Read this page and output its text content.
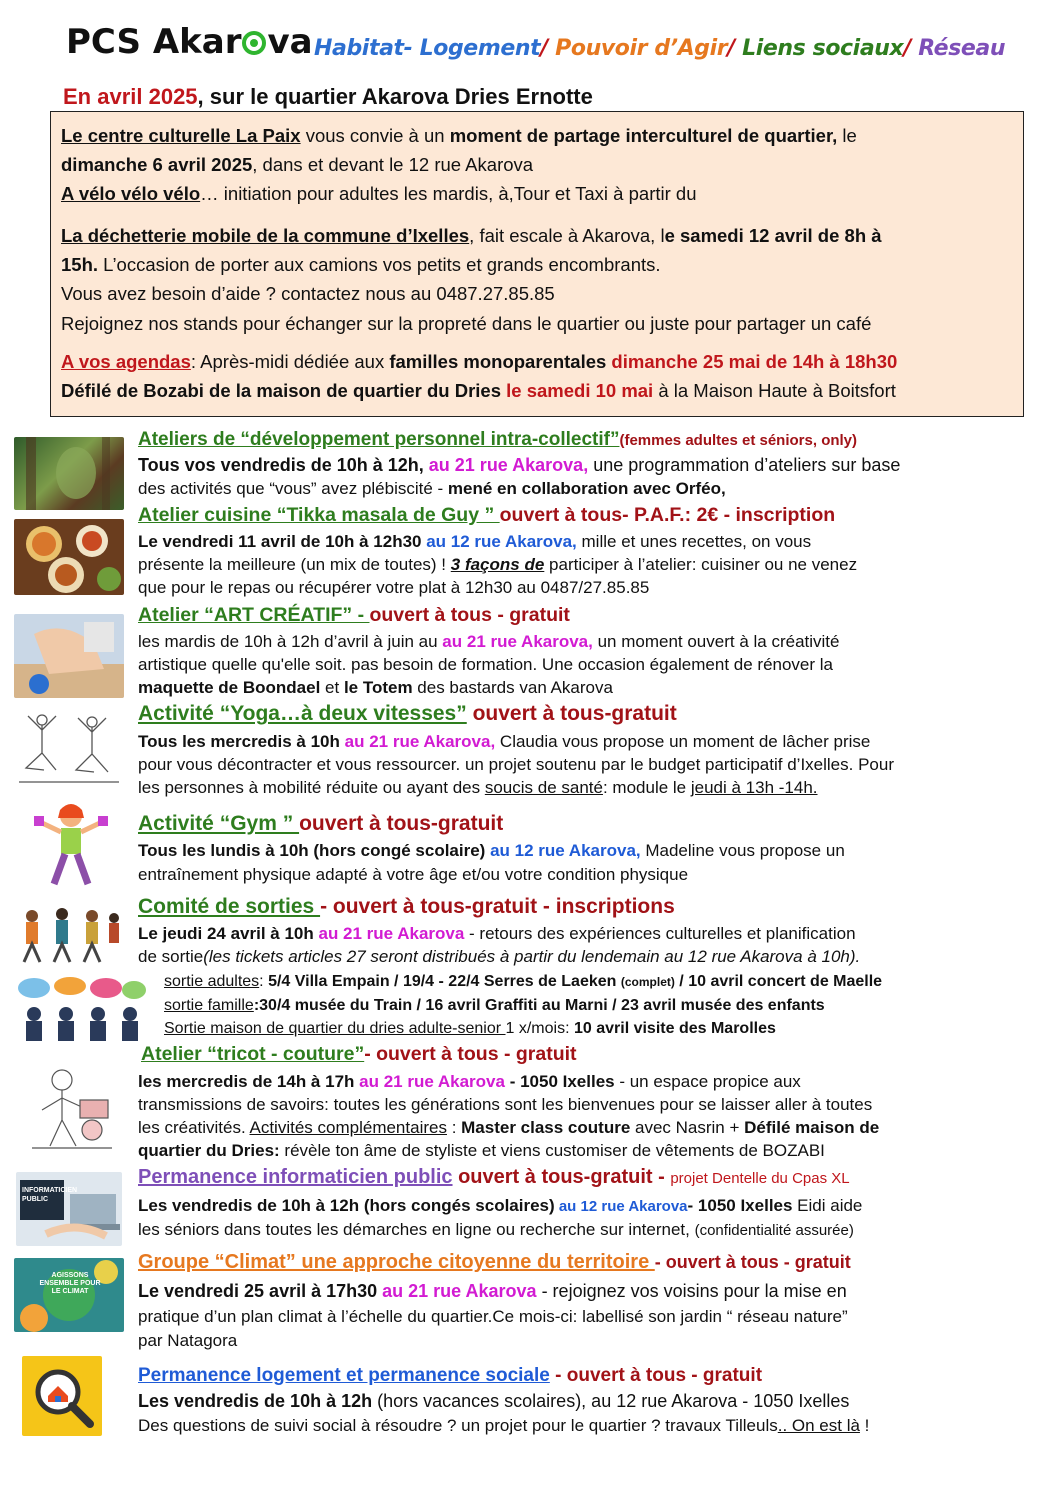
PCS Akar va Habitat- Logement/ Pouvoir d’Agir/ Liens sociaux/ Réseau
En avril 2025, sur le quartier Akarova Dries Ernotte
Le centre culturelle La Paix vous convie à un moment de partage interculturel de quartier, le
dimanche 6 avril 2025, dans et devant le 12 rue Akarova
A vélo vélo vélo… initiation pour adultes les mardis, à,Tour et Taxi à partir du
La déchetterie mobile de la commune d’Ixelles, fait escale à Akarova, le samedi 12 avril de 8h à
15h. L’occasion de porter aux camions vos petits et grands encombrants.
Vous avez besoin d’aide ? contactez nous au 0487.27.85.85
Rejoignez nos stands pour échanger sur la propreté dans le quartier ou juste pour partager un café
A vos agendas: Après-midi dédiée aux familles monoparentales dimanche 25 mai de 14h à 18h30
Défilé de Bozabi de la maison de quartier du Dries le samedi 10 mai à la Maison Haute à Boitsfort
INFORMATICIEN PUBLIC
AGISSONS ENSEMBLE POUR LE CLIMAT
Ateliers de “développement personnel intra-collectif”(femmes adultes et séniors, only)
Tous vos vendredis de 10h à 12h, au 21 rue Akarova, une programmation d’ateliers sur base
des activités que “vous” avez plébiscité - mené en collaboration avec Orféo,
Atelier cuisine “Tikka masala de Guy ” ouvert à tous- P.A.F.: 2€ - inscription
Le vendredi 11 avril de 10h à 12h30 au 12 rue Akarova, mille et unes recettes, on vous
présente la meilleure (un mix de toutes) ! 3 façons de participer à l’atelier: cuisiner ou ne venez
que pour le repas ou récupérer votre plat à 12h30 au 0487/27.85.85
Atelier “ART CRÉATIF” - ouvert à tous - gratuit
les mardis de 10h à 12h d’avril à juin au au 21 rue Akarova, un moment ouvert à la créativité
artistique quelle qu'elle soit. pas besoin de formation. Une occasion également de rénover la
maquette de Boondael et le Totem des bastards van Akarova
Activité “Yoga…à deux vitesses” ouvert à tous-gratuit
Tous les mercredis à 10h au 21 rue Akarova, Claudia vous propose un moment de lâcher prise
pour vous décontracter et vous ressourcer. un projet soutenu par le budget participatif d’Ixelles. Pour
les personnes à mobilité réduite ou ayant des soucis de santé: module le jeudi à 13h -14h.
Activité “Gym ” ouvert à tous-gratuit
Tous les lundis à 10h (hors congé scolaire) au 12 rue Akarova, Madeline vous propose un
entraînement physique adapté à votre âge et/ou votre condition physique
Comité de sorties - ouvert à tous-gratuit - inscriptions
Le jeudi 24 avril à 10h au 21 rue Akarova - retours des expériences culturelles et planification
de sortie(les tickets articles 27 seront distribués à partir du lendemain au 12 rue Akarova à 10h).
sortie adultes: 5/4 Villa Empain / 19/4 - 22/4 Serres de Laeken (complet) / 10 avril concert de Maelle
sortie famille:30/4 musée du Train / 16 avril Graffiti au Marni / 23 avril musée des enfants
Sortie maison de quartier du dries adulte-senior 1 x/mois: 10 avril visite des Marolles
Atelier “tricot - couture”- ouvert à tous - gratuit
les mercredis de 14h à 17h au 21 rue Akarova - 1050 Ixelles - un espace propice aux
transmissions de savoirs: toutes les générations sont les bienvenues pour se laisser aller à toutes
les créativités. Activités complémentaires : Master class couture avec Nasrin + Défilé maison de
quartier du Dries: révèle ton âme de styliste et viens customiser de vêtements de BOZABI
Permanence informaticien public ouvert à tous-gratuit - projet Dentelle du Cpas XL
Les vendredis de 10h à 12h (hors congés scolaires) au 12 rue Akarova- 1050 Ixelles Eidi aide
les séniors dans toutes les démarches en ligne ou recherche sur internet, (confidentialité assurée)
Groupe “Climat” une approche citoyenne du territoire - ouvert à tous - gratuit
Le vendredi 25 avril à 17h30 au 21 rue Akarova - rejoignez vos voisins pour la mise en
pratique d’un plan climat à l’échelle du quartier.Ce mois-ci: labellisé son jardin “ réseau nature”
par Natagora
Permanence logement et permanence sociale - ouvert à tous - gratuit
Les vendredis de 10h à 12h (hors vacances scolaires), au 12 rue Akarova - 1050 Ixelles
Des questions de suivi social à résoudre ? un projet pour le quartier ? travaux Tilleuls.. On est là !
